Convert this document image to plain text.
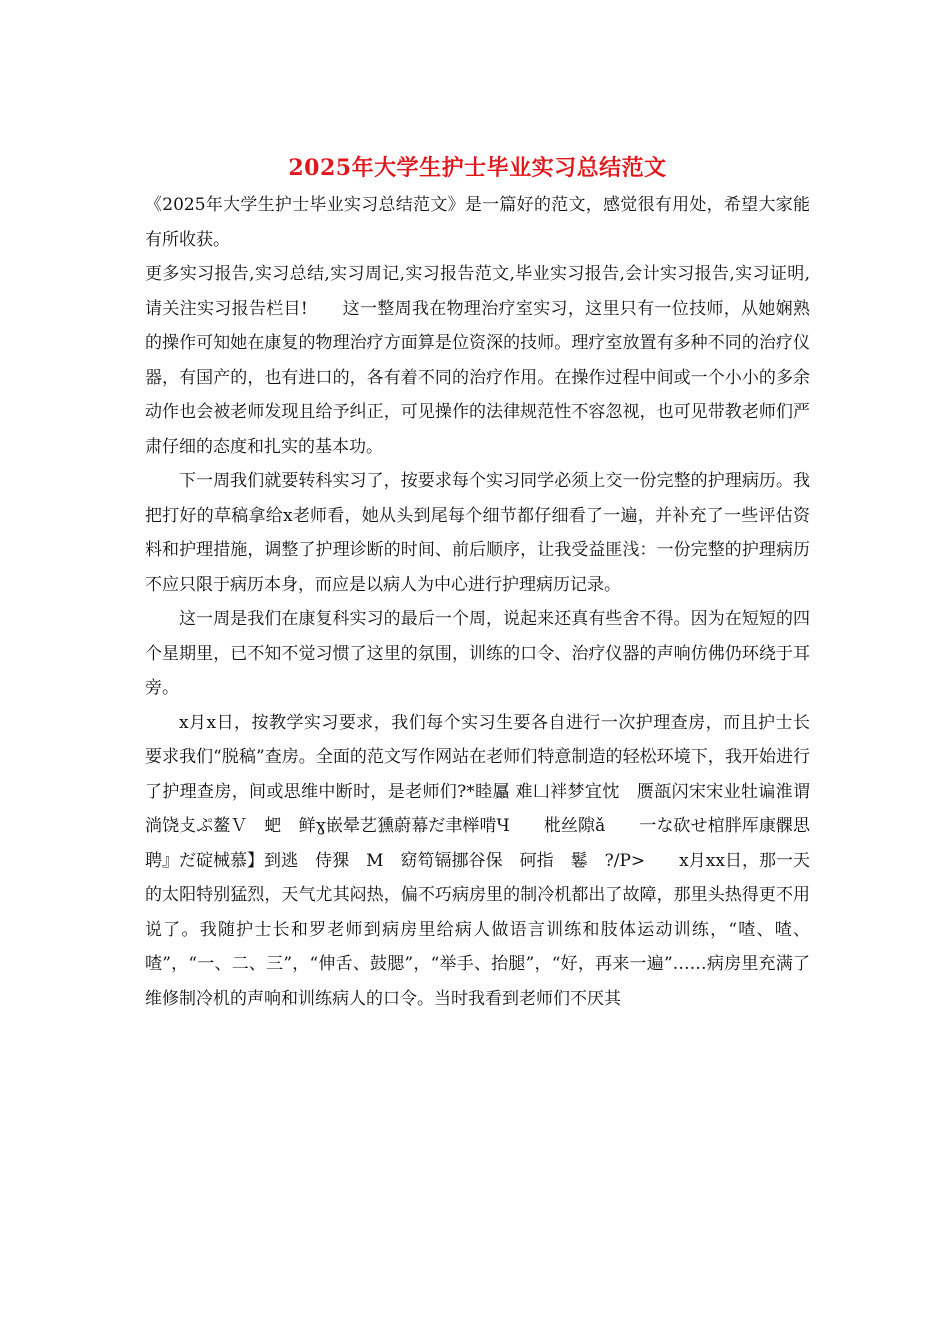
2025年大学生护士毕业实习总结范文

《2025年大学生护士毕业实习总结范文》是一篇好的范文，感觉很有用处，希望大家能有所收获。

更多实习报告,实习总结,实习周记,实习报告范文,毕业实习报告,会计实习报告,实习证明,请关注实习报告栏目!　　这一整周我在物理治疗室实习，这里只有一位技师，从她娴熟的操作可知她在康复的物理治疗方面算是位资深的技师。理疗室放置有多种不同的治疗仪器，有国产的，也有进口的，各有着不同的治疗作用。在操作过程中间或一个小小的多余动作也会被老师发现且给予纠正，可见操作的法律规范性不容忽视，也可见带教老师们严肃仔细的态度和扎实的基本功。

下一周我们就要转科实习了，按要求每个实习同学必须上交一份完整的护理病历。我把打好的草稿拿给x老师看，她从头到尾每个细节都仔细看了一遍，并补充了一些评估资料和护理措施，调整了护理诊断的时间、前后顺序，让我受益匪浅：一份完整的护理病历不应只限于病历本身，而应是以病人为中心进行护理病历记录。

这一周是我们在康复科实习的最后一个周，说起来还真有些舍不得。因为在短短的四个星期里，已不知不觉习惯了这里的氛围，训练的口令、治疗仪器的声响仿佛仍环绕于耳旁。

x月x日，按教学实习要求，我们每个实习生要各自进行一次护理查房，而且护士长要求我们“脱稿”查房。全面的范文写作网站在老师们特意制造的轻松环境下，我开始进行了护理查房，间或思维中断时，是老师们?*睦屭 难凵袢梦宜忱　赝瓿闪宋宋业牡谝淮谓淌饶攴ぷ鳌Ｖ　蚆　鲜ɣ嵌晕艺獯蔚幕だ聿榉啃Ч　　枇丝隙ǎ　　一な砍せ棺胖厍康髁思聘』だ碇械慕】到逃　侍猓　Μ　窈笱镉挪谷保　砢指　鬈　?/P>　　x月xx日，那一天的太阳特别猛烈，天气尤其闷热，偏不巧病房里的制冷机都出了故障，那里头热得更不用说了。我随护士长和罗老师到病房里给病人做语言训练和肢体运动训练，“喳、喳、喳”，“一、二、三”，“伸舌、鼓腮”，“举手、抬腿”，“好，再来一遍”……病房里充满了维修制冷机的声响和训练病人的口令。当时我看到老师们不厌其
